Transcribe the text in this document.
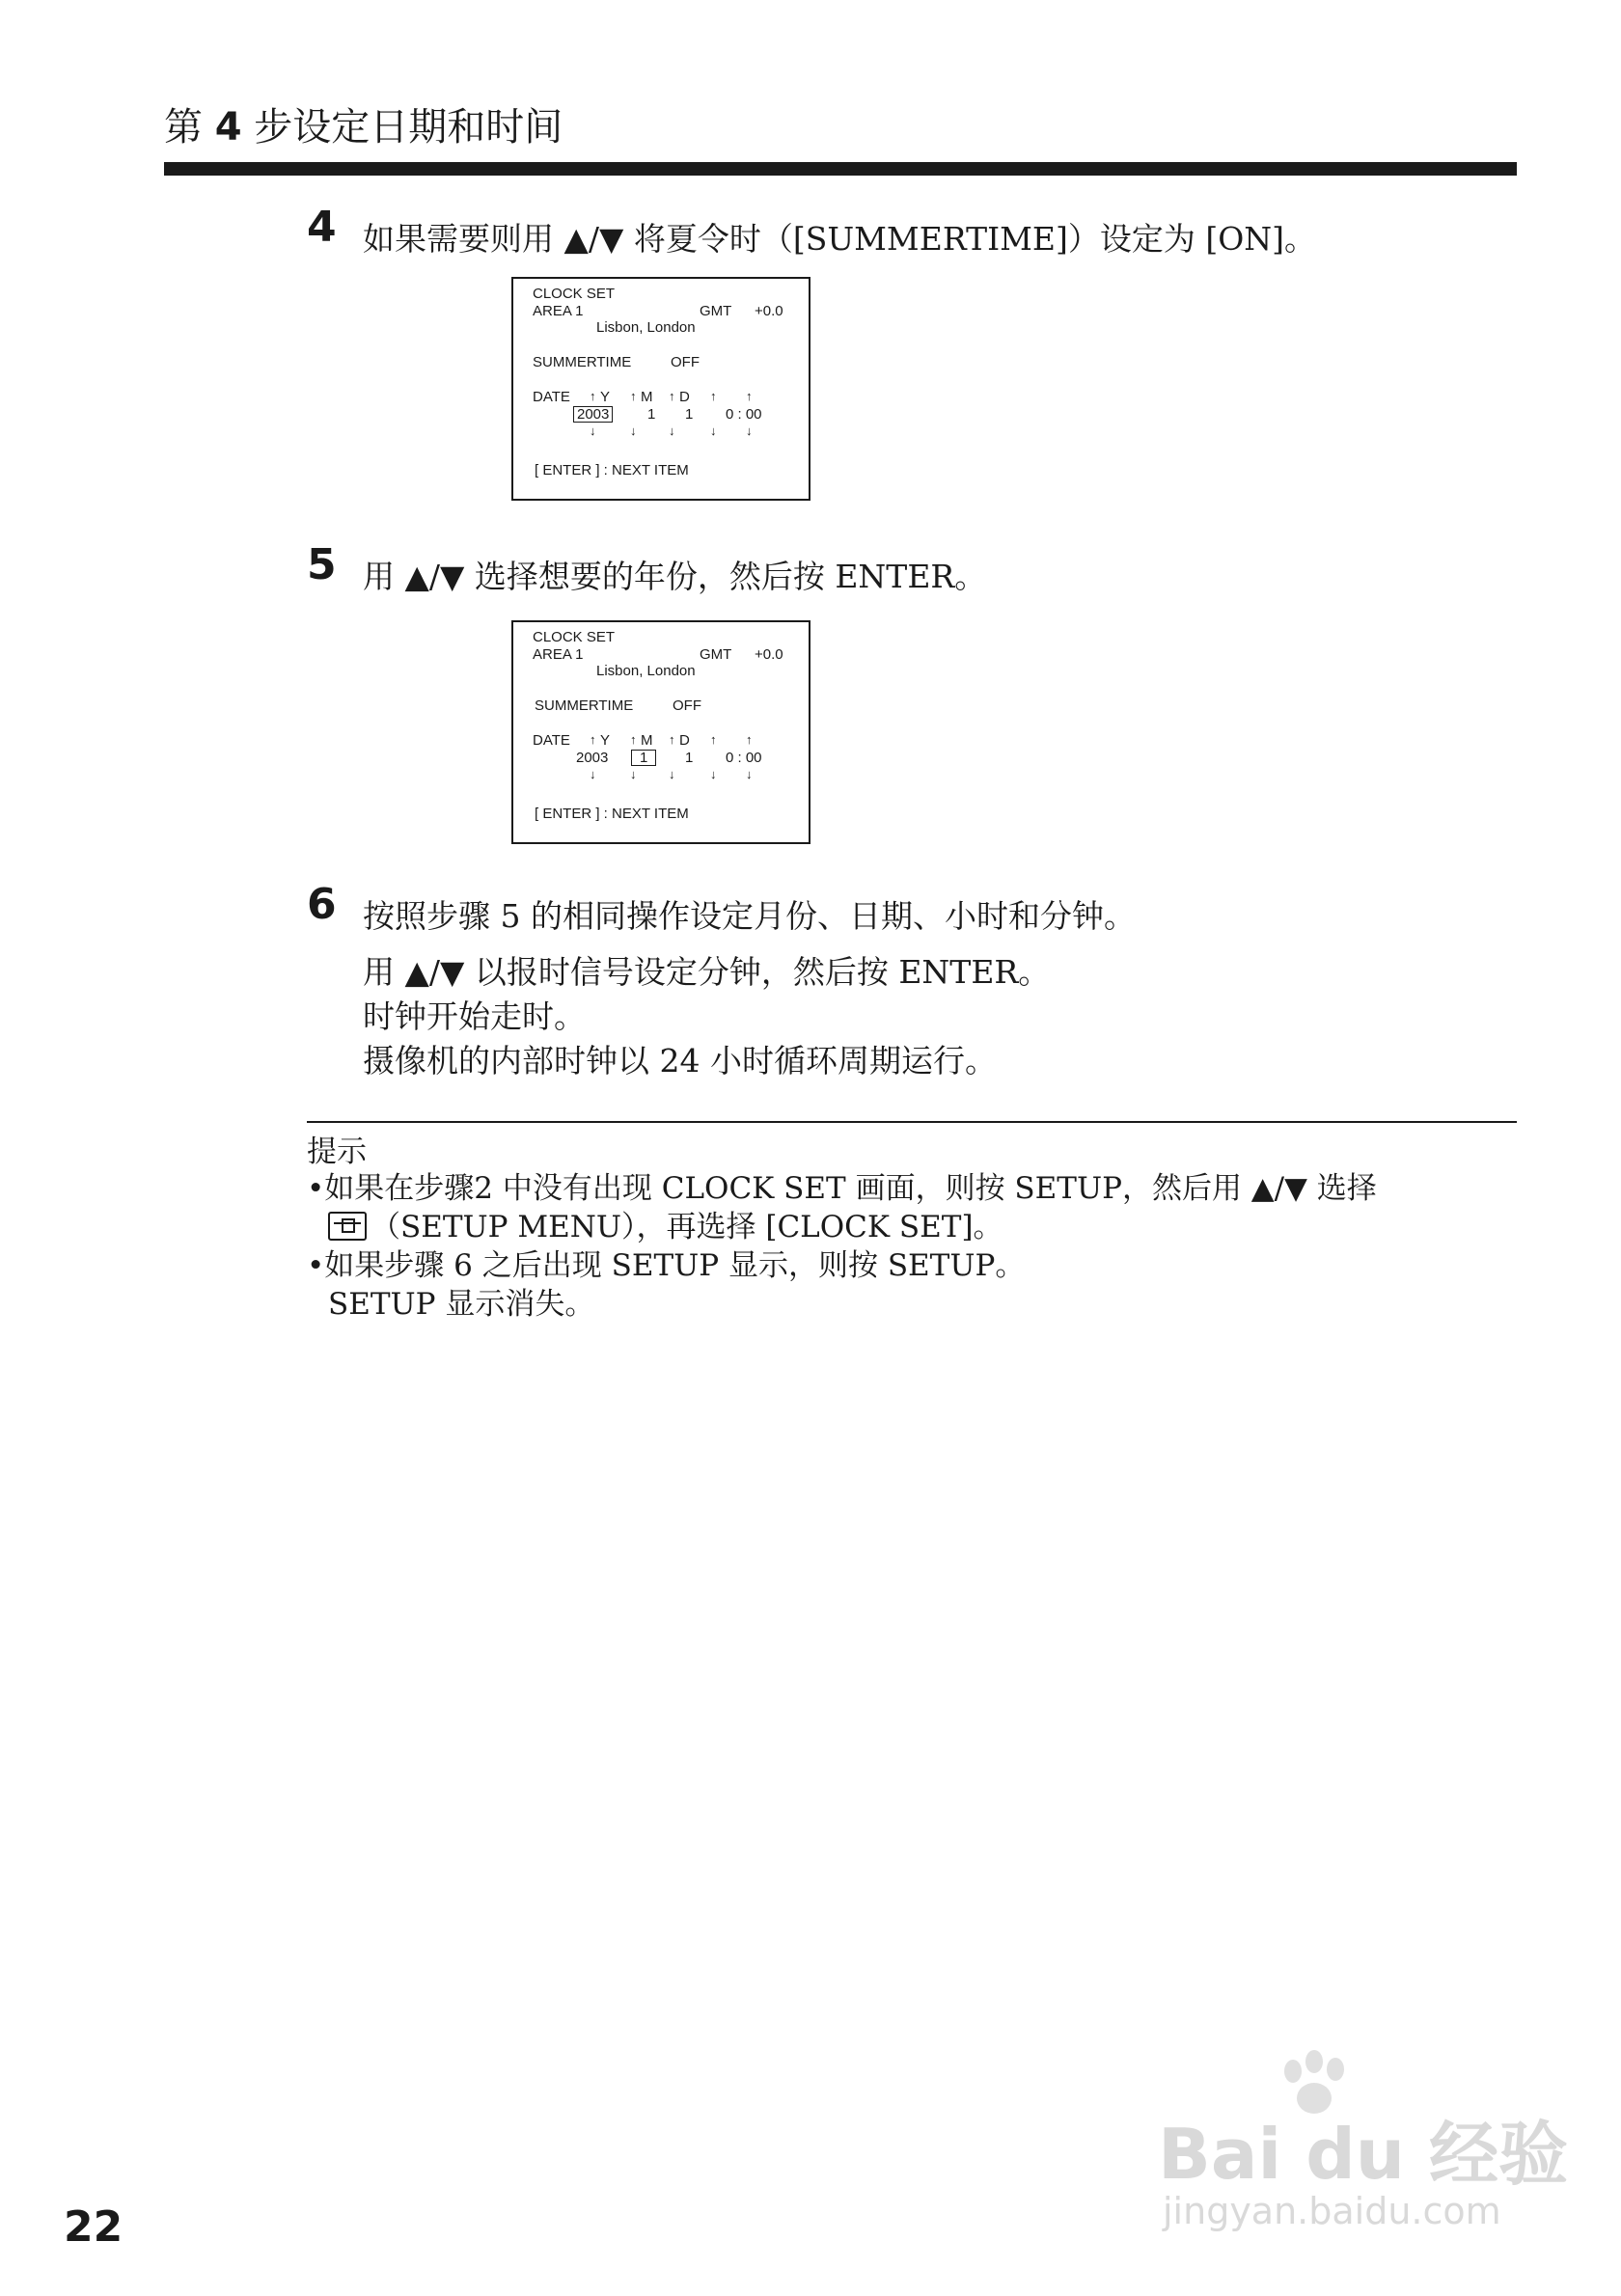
第 4 步设定日期和时间
4 如果需要则用 ▲/▼ 将夏令时（[SUMMERTIME]）设定为 [ON]。
CLOCK SET
AREA 1	GMT +0.0
Lisbon, London
SUMMERTIME	OFF
DATE ↑ Y ↑ M ↑ D ↑ ↑
2003	1 1 0 : 00
↓	↓	↓	↓ ↓
[ ENTER ] : NEXT ITEM
5 用 ▲/▼ 选择想要的年份，然后按 ENTER。
CLOCK SET
AREA 1	GMT +0.0
Lisbon, London
SUMMERTIME	OFF
DATE ↑ Y ↑ M ↑ D ↑ ↑
2003	1	1 0 : 00
↓	↓	↓	↓ ↓
[ ENTER ] : NEXT ITEM
6 按照步骤 5 的相同操作设定月份、日期、小时和分钟。
用 ▲/▼ 以报时信号设定分钟，然后按 ENTER。
时钟开始走时。
摄像机的内部时钟以 24 小时循环周期运行。
提示
•如果在步骤2 中没有出现 CLOCK SET 画面，则按 SETUP，然后用 ▲/▼ 选择
（SETUP MENU），再选择 [CLOCK SET]。
•如果步骤 6 之后出现 SETUP 显示，则按 SETUP。
SETUP 显示消失。
22
Bai du 经验
jingyan.baidu.com
